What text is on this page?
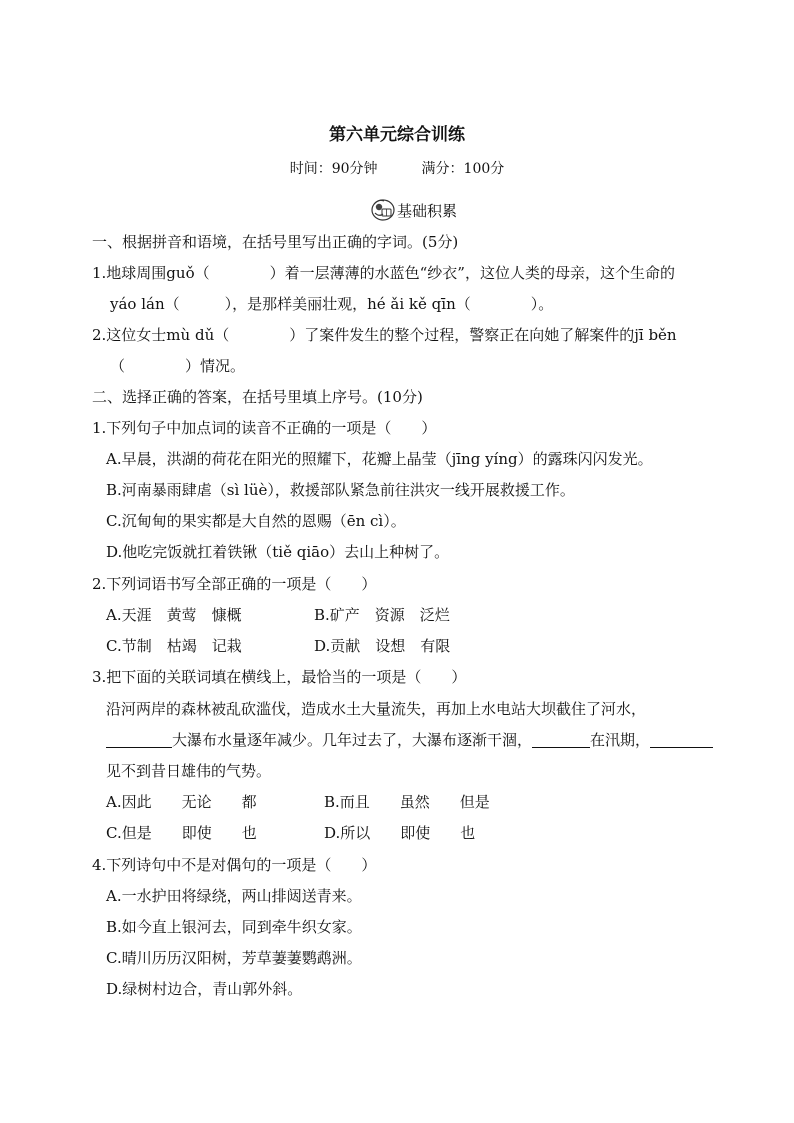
第六单元综合训练
时间：90分钟	满分：100分
基础积累
一、根据拼音和语境，在括号里写出正确的字词。(5分)
1.地球周围guǒ（　　　　）着一层薄薄的水蓝色“纱衣”，这位人类的母亲，这个生命的
yáo lán（　　　），是那样美丽壮观，hé ǎi kě qīn（　　　　）。
2.这位女士mù dǔ（　　　　）了案件发生的整个过程，警察正在向她了解案件的jī běn
（　　　　）情况。
二、选择正确的答案，在括号里填上序号。(10分)
1.下列句子中加点词的读音不正确的一项是（　　）
A.早晨，洪湖的荷花在阳光的照耀下，花瓣上晶莹（jīng yíng）的露珠闪闪发光。
B.河南暴雨肆虐（sì lüè），救援部队紧急前往洪灾一线开展救援工作。
C.沉甸甸的果实都是大自然的恩赐（ēn cì）。
D.他吃完饭就扛着铁锹（tiě qiāo）去山上种树了。
2.下列词语书写全部正确的一项是（　　）
A.天涯　黄莺　慷概	B.矿产　资源　泛烂
C.节制　枯竭　记栽	D.贡献　设想　有限
3.把下面的关联词填在横线上，最恰当的一项是（　　）
沿河两岸的森林被乱砍滥伐，造成水土大量流失，再加上水电站大坝截住了河水，
大瀑布水量逐年减少。几年过去了，大瀑布逐渐干涸，	在汛期，
见不到昔日雄伟的气势。
A.因此　　无论　　都	B.而且　　虽然　　但是
C.但是　　即使　　也	D.所以　　即使　　也
4.下列诗句中不是对偶句的一项是（　　）
A.一水护田将绿绕，两山排闼送青来。
B.如今直上银河去，同到牵牛织女家。
C.晴川历历汉阳树，芳草萋萋鹦鹉洲。
D.绿树村边合，青山郭外斜。
